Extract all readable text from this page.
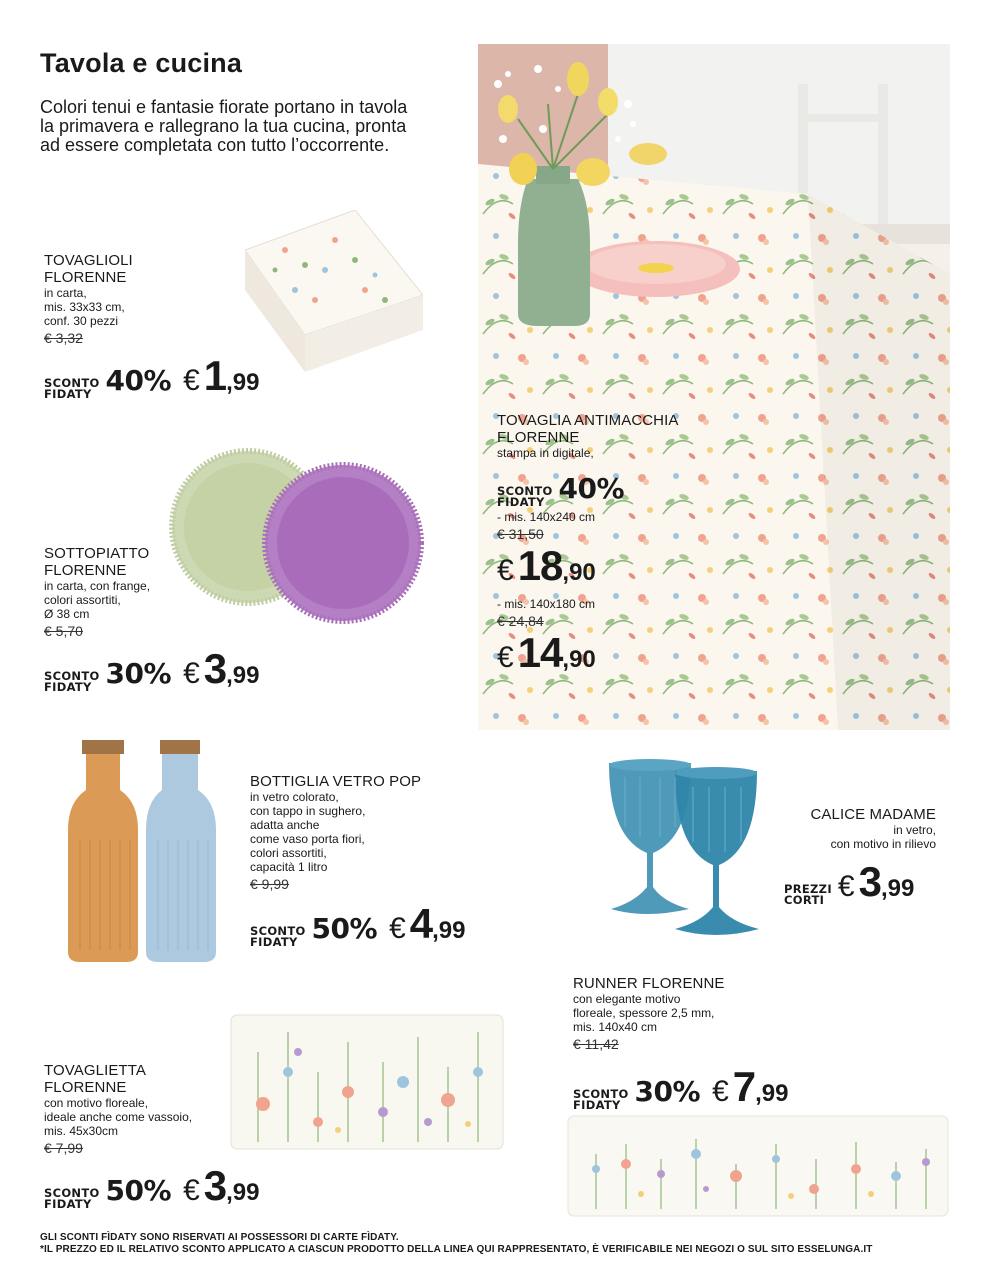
Tavola e cucina
Colori tenui e fantasie fiorate portano in tavola la primavera e rallegrano la tua cucina, pronta ad essere completata con tutto l’occorrente.
TOVAGLIOLI
FLORENNE
in carta,
mis. 33x33 cm,
conf. 30 pezzi
€ 3,32
SCONTO
FIDATY 40% € 1 ,99
SOTTOPIATTO
FLORENNE
in carta, con frange,
colori assortiti,
Ø 38 cm
€ 5,70
SCONTO
FIDATY 30% € 3 ,99
TOVAGLIA ANTIMACCHIA
FLORENNE
stampa in digitale,
SCONTO
FIDATY 40%
- mis. 140x240 cm
€ 31,50
€ 18 ,90
- mis. 140x180 cm
€ 24,84
€ 14 ,90
BOTTIGLIA VETRO POP
in vetro colorato,
con tappo in sughero,
adatta anche
come vaso porta fiori,
colori assortiti,
capacità 1 litro
€ 9,99
SCONTO
FIDATY 50% € 4 ,99
CALICE MADAME
in vetro,
con motivo in rilievo
PREZZI
CORTI € 3 ,99
RUNNER FLORENNE
con elegante motivo
floreale, spessore 2,5 mm,
mis. 140x40 cm
€ 11,42
SCONTO
FIDATY 30% € 7 ,99
TOVAGLIETTA
FLORENNE
con motivo floreale,
ideale anche come vassoio,
mis. 45x30cm
€ 7,99
SCONTO
FIDATY 50% € 3 ,99
GLI SCONTI FÌDATY SONO RISERVATI AI POSSESSORI DI CARTE FÌDATY.
*IL PREZZO ED IL RELATIVO SCONTO APPLICATO A CIASCUN PRODOTTO DELLA LINEA QUI RAPPRESENTATO, È VERIFICABILE NEI NEGOZI O SUL SITO ESSELUNGA.IT
